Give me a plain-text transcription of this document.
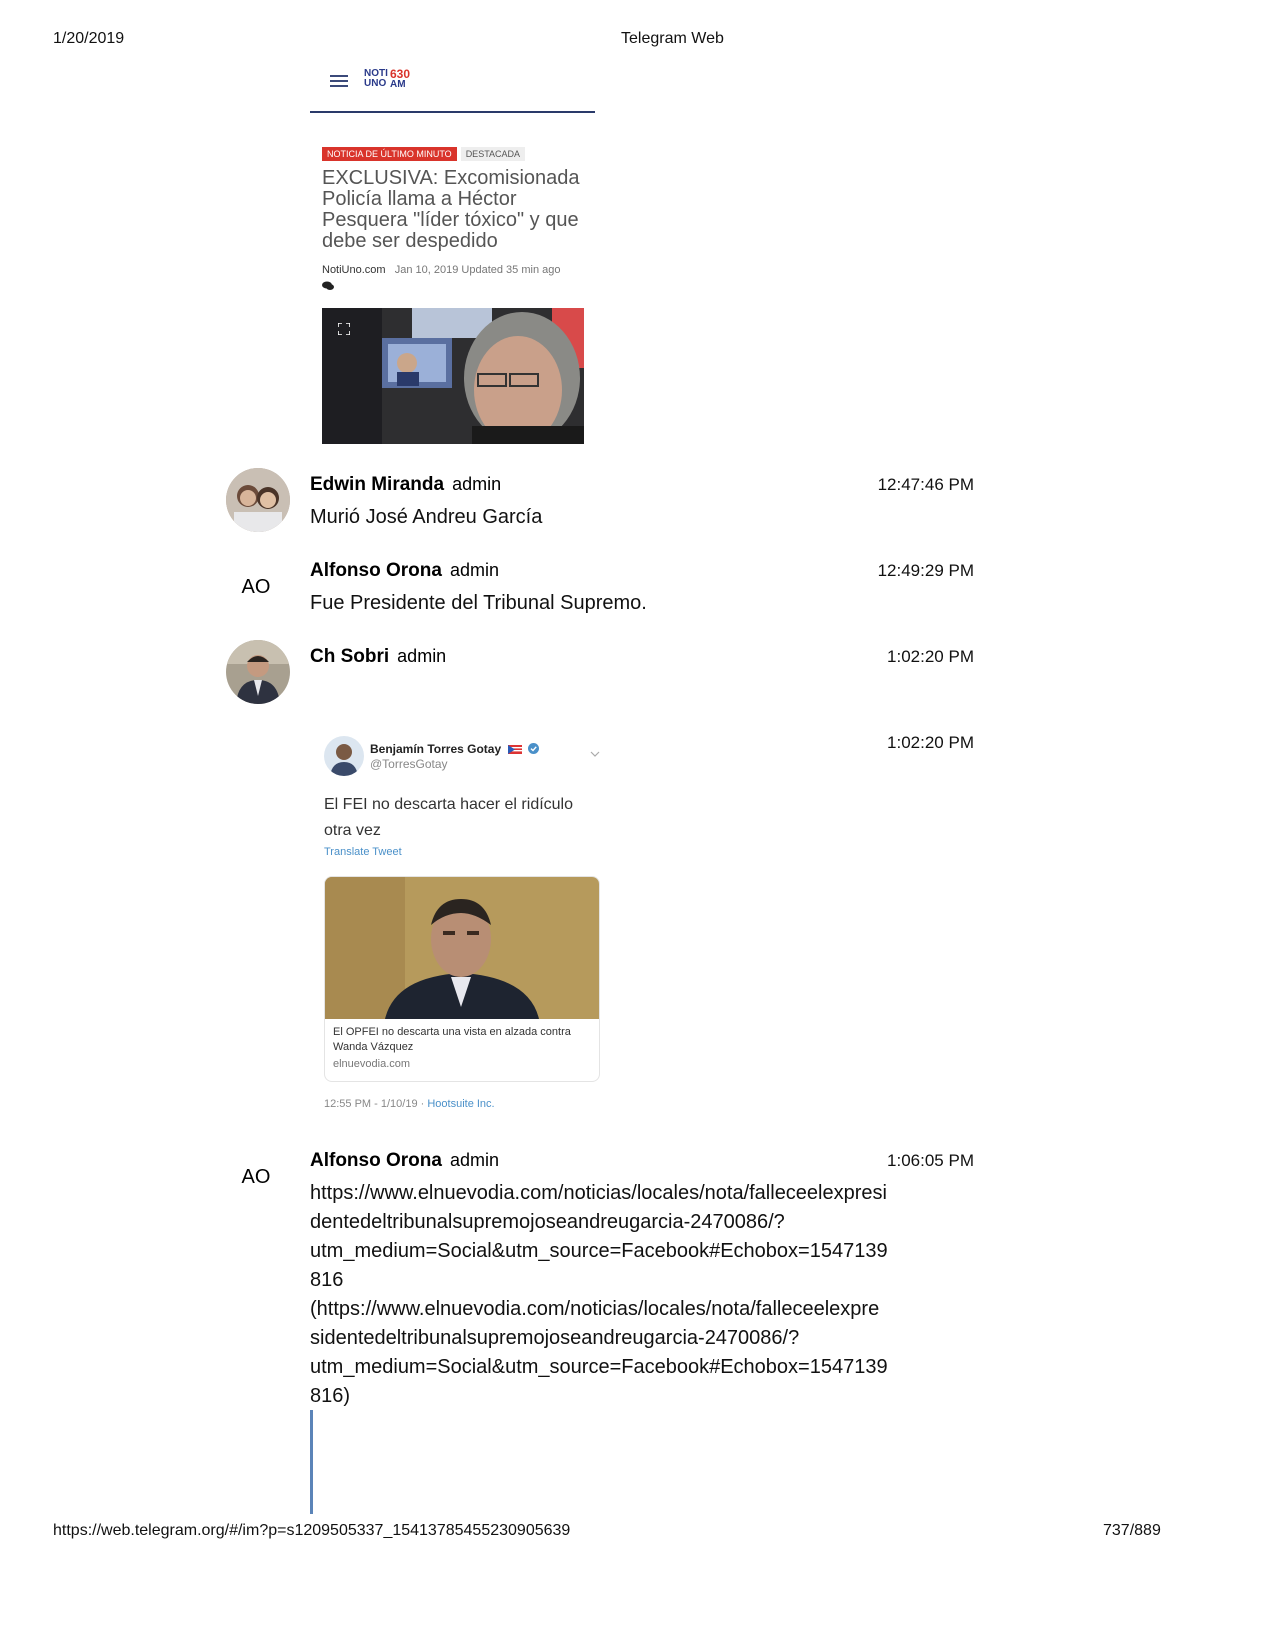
1/20/2019	Telegram Web
NOTI
UNO
630
AM
NOTICIA DE ÚLTIMO MINUTO DESTACADA
EXCLUSIVA: Excomisionada Policía llama a Héctor Pesquera "líder tóxico" y que debe ser despedido
NotiUno.com Jan 10, 2019 Updated 35 min ago
Edwin Miranda admin	12:47:46 PM
Murió José Andreu García
AO
Alfonso Orona admin	12:49:29 PM
Fue Presidente del Tribunal Supremo.
Ch Sobri admin	1:02:20 PM
1:02:20 PM
Benjamín Torres Gotay
@TorresGotay
El FEI no descarta hacer el ridículo otra vez
Translate Tweet
El OPFEI no descarta una vista en alzada contra Wanda Vázquez
elnuevodia.com
12:55 PM - 1/10/19 · Hootsuite Inc.
AO
Alfonso Orona admin	1:06:05 PM
https://www.elnuevodia.com/noticias/locales/nota/falleceelexpresi
dentedeltribunalsupremojoseandreugarcia-2470086/?
utm_medium=Social&utm_source=Facebook#Echobox=1547139
816
(https://www.elnuevodia.com/noticias/locales/nota/falleceelexpre
sidentedeltribunalsupremojoseandreugarcia-2470086/?
utm_medium=Social&utm_source=Facebook#Echobox=1547139
816)
https://web.telegram.org/#/im?p=s1209505337_15413785455230905639	737/889
